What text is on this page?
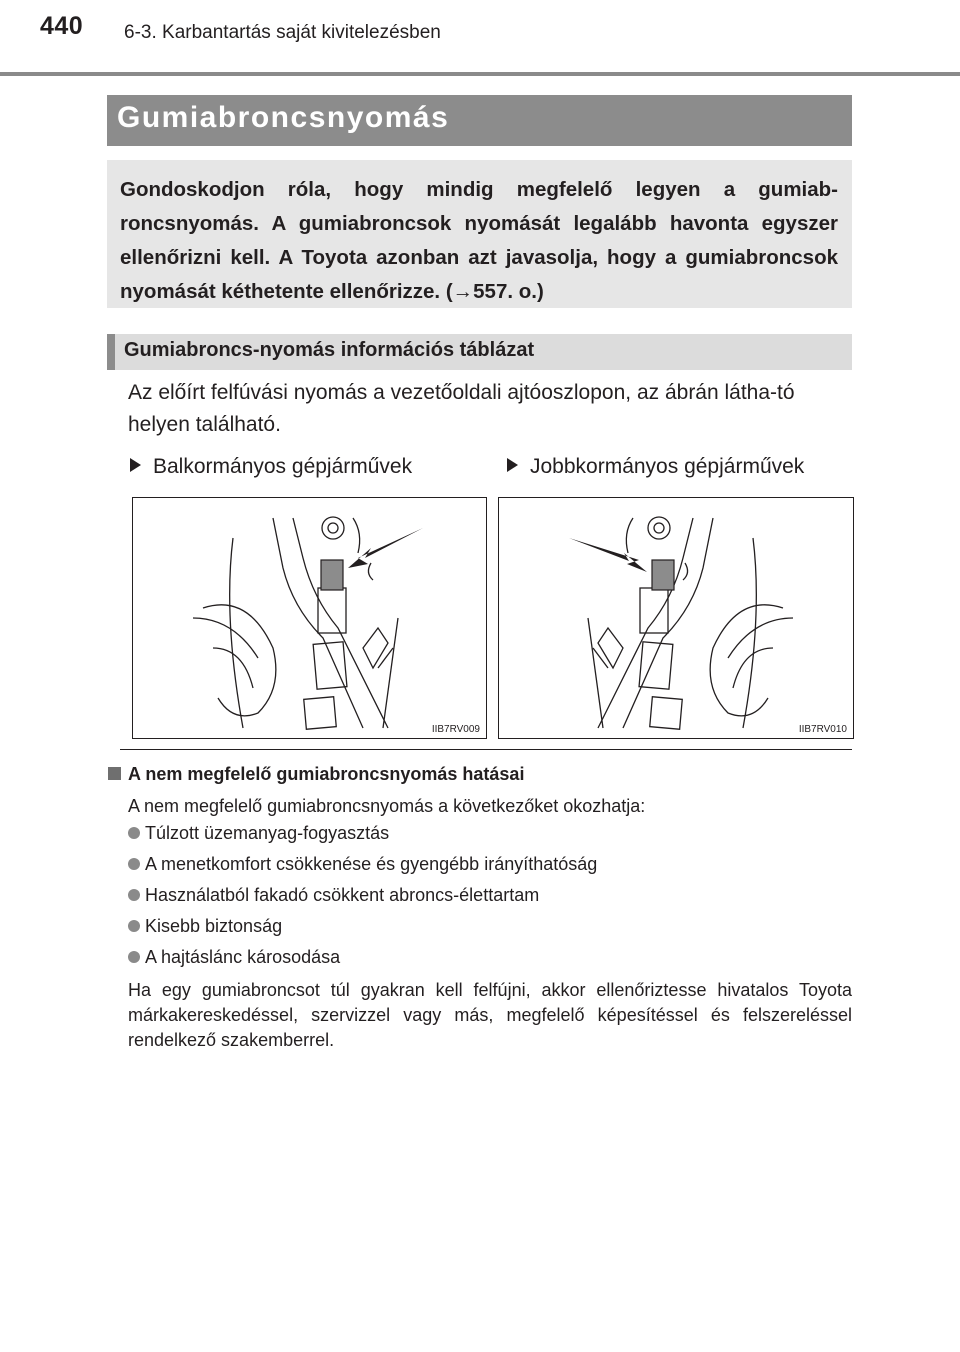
440 6-3. Karbantartás saját kivitelezésben
Gumiabroncsnyomás
Gondoskodjon róla, hogy mindig megfelelő legyen a gumiab-roncsnyomás. A gumiabroncsok nyomását legalább havonta egyszer ellenőrizni kell. A Toyota azonban azt javasolja, hogy a gumiabroncsok nyomását kéthetente ellenőrizze. (→557. o.)
Gumiabroncs-nyomás információs táblázat
Az előírt felfúvási nyomás a vezetőoldali ajtóoszlopon, az ábrán látha-tó helyen található.
Balkormányos gépjárművek	Jobbkormányos gépjárművek
IIB7RV009	IIB7RV010
A nem megfelelő gumiabroncsnyomás hatásai
A nem megfelelő gumiabroncsnyomás a következőket okozhatja:
Túlzott üzemanyag-fogyasztás
A menetkomfort csökkenése és gyengébb irányíthatóság
Használatból fakadó csökkent abroncs-élettartam
Kisebb biztonság
A hajtáslánc károsodása
Ha egy gumiabroncsot túl gyakran kell felfújni, akkor ellenőriztesse hivatalos Toyota márkakereskedéssel, szervizzel vagy más, megfelelő képesítéssel és felszereléssel rendelkező szakemberrel.
